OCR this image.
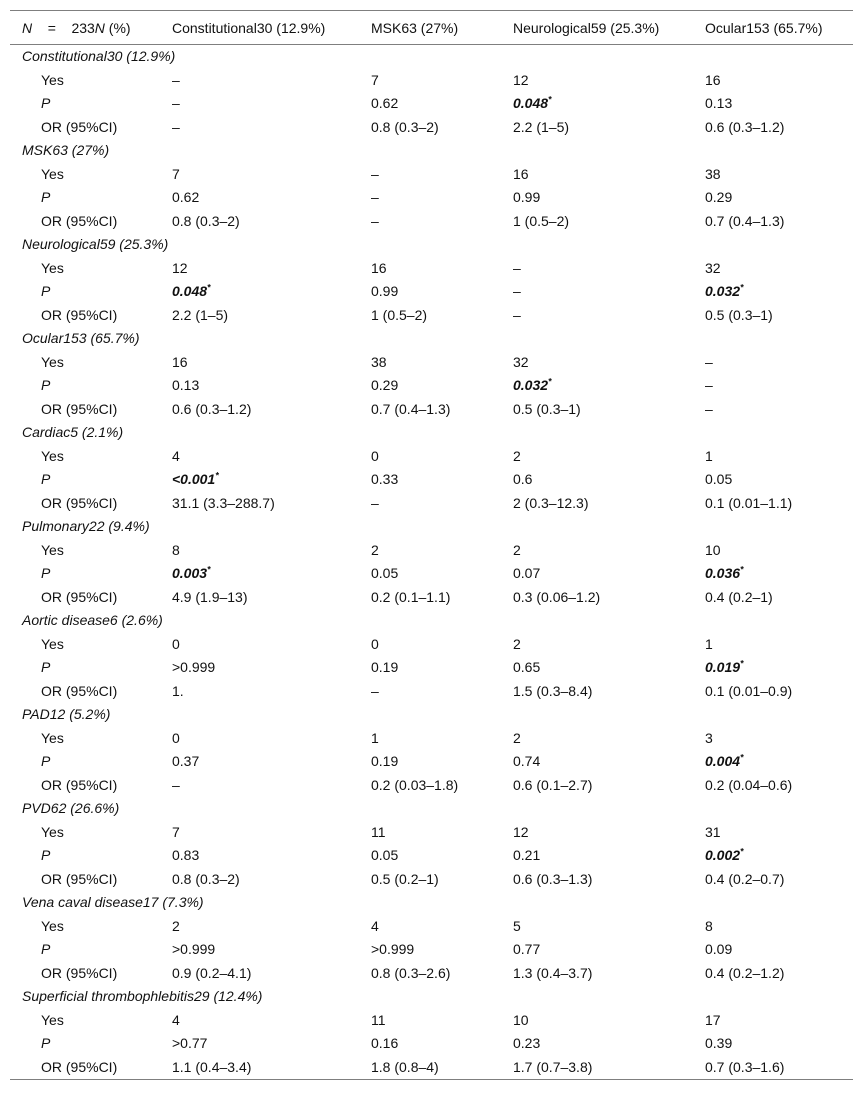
N = 233N (%)	Constitutional30 (12.9%)	MSK63 (27%)	Neurological59 (25.3%)	Ocular153 (65.7%)
Constitutional30 (12.9%)				
Yes	–	7	12	16
P	–	0.62	0.048*	0.13
OR (95%CI)	–	0.8 (0.3–2)	2.2 (1–5)	0.6 (0.3–1.2)
MSK63 (27%)				
Yes	7	–	16	38
P	0.62	–	0.99	0.29
OR (95%CI)	0.8 (0.3–2)	–	1 (0.5–2)	0.7 (0.4–1.3)
Neurological59 (25.3%)				
Yes	12	16	–	32
P	0.048*	0.99	–	0.032*
OR (95%CI)	2.2 (1–5)	1 (0.5–2)	–	0.5 (0.3–1)
Ocular153 (65.7%)				
Yes	16	38	32	–
P	0.13	0.29	0.032*	–
OR (95%CI)	0.6 (0.3–1.2)	0.7 (0.4–1.3)	0.5 (0.3–1)	–
Cardiac5 (2.1%)				
Yes	4	0	2	1
P	<0.001*	0.33	0.6	0.05
OR (95%CI)	31.1 (3.3–288.7)	–	2 (0.3–12.3)	0.1 (0.01–1.1)
Pulmonary22 (9.4%)				
Yes	8	2	2	10
P	0.003*	0.05	0.07	0.036*
OR (95%CI)	4.9 (1.9–13)	0.2 (0.1–1.1)	0.3 (0.06–1.2)	0.4 (0.2–1)
Aortic disease6 (2.6%)				
Yes	0	0	2	1
P	>0.999	0.19	0.65	0.019*
OR (95%CI)	1.	–	1.5 (0.3–8.4)	0.1 (0.01–0.9)
PAD12 (5.2%)				
Yes	0	1	2	3
P	0.37	0.19	0.74	0.004*
OR (95%CI)	–	0.2 (0.03–1.8)	0.6 (0.1–2.7)	0.2 (0.04–0.6)
PVD62 (26.6%)				
Yes	7	11	12	31
P	0.83	0.05	0.21	0.002*
OR (95%CI)	0.8 (0.3–2)	0.5 (0.2–1)	0.6 (0.3–1.3)	0.4 (0.2–0.7)
Vena caval disease17 (7.3%)				
Yes	2	4	5	8
P	>0.999	>0.999	0.77	0.09
OR (95%CI)	0.9 (0.2–4.1)	0.8 (0.3–2.6)	1.3 (0.4–3.7)	0.4 (0.2–1.2)
Superficial thrombophlebitis29 (12.4%)				
Yes	4	11	10	17
P	>0.77	0.16	0.23	0.39
OR (95%CI)	1.1 (0.4–3.4)	1.8 (0.8–4)	1.7 (0.7–3.8)	0.7 (0.3–1.6)
